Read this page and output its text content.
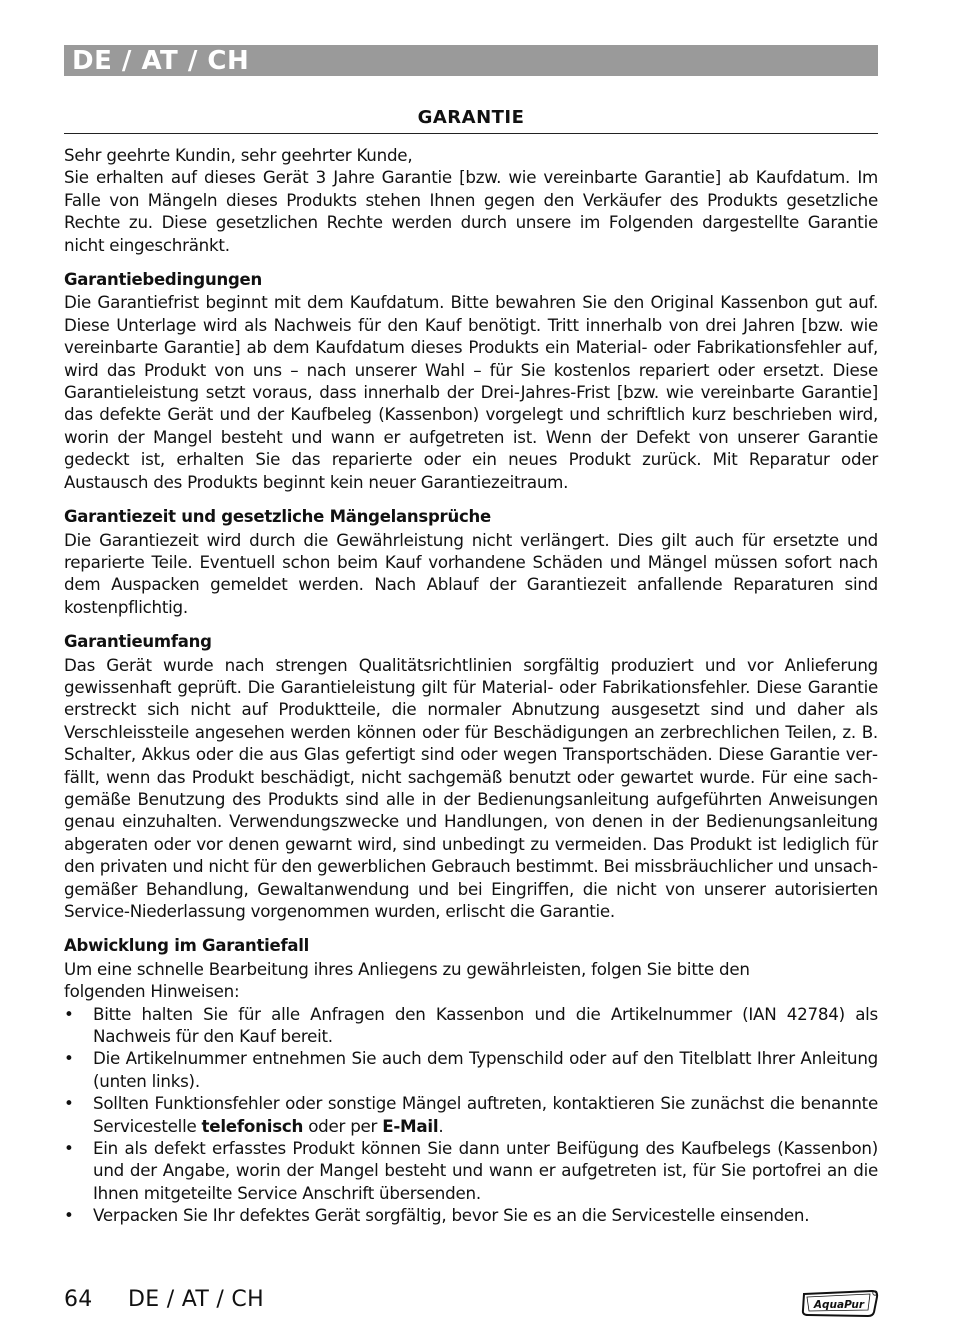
DE / AT / CH
GARANTIE

Sehr geehrte Kundin, sehr geehrter Kunde,

Sie erhalten auf dieses Gerät 3 Jahre Garantie [bzw. wie vereinbarte Garantie] ab Kaufdatum. Im Falle von Mängeln dieses Produkts stehen Ihnen gegen den Verkäufer des Produkts gesetzliche Rechte zu. Diese gesetzlichen Rechte werden durch unsere im Folgenden dargestellte Garantie nicht eingeschränkt.

Garantiebedingungen

Die Garantiefrist beginnt mit dem Kaufdatum. Bitte bewahren Sie den Original Kassenbon gut auf. Diese Unterlage wird als Nachweis für den Kauf benötigt. Tritt innerhalb von drei Jahren [bzw. wie vereinbarte Garantie] ab dem Kaufdatum dieses Produkts ein Material- oder Fabrikationsfehler auf, wird das Produkt von uns – nach unserer Wahl – für Sie kostenlos repariert oder ersetzt. Diese Garantieleistung setzt voraus, dass innerhalb der Drei-Jahres-Frist [bzw. wie vereinbarte Garantie] das defekte Gerät und der Kaufbeleg (Kassenbon) vorgelegt und schriftlich kurz beschrieben wird, worin der Mangel besteht und wann er aufgetreten ist. Wenn der Defekt von unserer Garantie gedeckt ist, erhalten Sie das reparierte oder ein neues Produkt zurück. Mit Reparatur oder Austausch des Produkts beginnt kein neuer Garantiezeitraum.

Garantiezeit und gesetzliche Mängelansprüche

Die Garantiezeit wird durch die Gewährleistung nicht verlängert. Dies gilt auch für ersetzte und reparierte Teile. Eventuell schon beim Kauf vorhandene Schäden und Mängel müssen sofort nach dem Auspacken gemeldet werden. Nach Ablauf der Garantiezeit anfallende Reparaturen sind kostenpflichtig.

Garantieumfang

Das Gerät wurde nach strengen Qualitätsrichtlinien sorgfältig produziert und vor Anlieferung gewissenhaft geprüft. Die Garantieleistung gilt für Material- oder Fabrikationsfehler. Diese Garantie erstreckt sich nicht auf Produktteile, die normaler Abnutzung ausgesetzt sind und daher als Verschleissteile angesehen werden können oder für Beschädigungen an zerbrechlichen Teilen, z. B. Schalter, Akkus oder die aus Glas gefertigt sind oder wegen Transportschäden. Diese Garantie verfällt, wenn das Produkt beschädigt, nicht sachgemäß benutzt oder gewartet wurde. Für eine sachgemäße Benutzung des Produkts sind alle in der Bedienungsanleitung aufgeführten Anweisungen genau einzuhalten. Verwendungszwecke und Handlungen, von denen in der Bedienungsanleitung abgeraten oder vor denen gewarnt wird, sind unbedingt zu vermeiden. Das Produkt ist lediglich für den privaten und nicht für den gewerblichen Gebrauch bestimmt. Bei missbräuchlicher und unsachgemäßer Behandlung, Gewaltanwendung und bei Eingriffen, die nicht von unserer autorisierten Service-Niederlassung vorgenommen wurden, erlischt die Garantie.

Abwicklung im Garantiefall

Um eine schnelle Bearbeitung ihres Anliegens zu gewährleisten, folgen Sie bitte den

folgenden Hinweisen:

• Bitte halten Sie für alle Anfragen den Kassenbon und die Artikelnummer (IAN 42784) als Nachweis für den Kauf bereit.
• Die Artikelnummer entnehmen Sie auch dem Typenschild oder auf den Titelblatt Ihrer Anleitung (unten links).
• Sollten Funktionsfehler oder sonstige Mängel auftreten, kontaktieren Sie zunächst die benannte Servicestelle telefonisch oder per E-Mail.
• Ein als defekt erfasstes Produkt können Sie dann unter Beifügung des Kaufbelegs (Kassenbon) und der Angabe, worin der Mangel besteht und wann er aufgetreten ist, für Sie portofrei an die Ihnen mitgeteilte Service Anschrift übersenden.
• Verpacken Sie Ihr defektes Gerät sorgfältig, bevor Sie es an die Servicestelle einsenden.

64 DE / AT / CH	AquaPur
